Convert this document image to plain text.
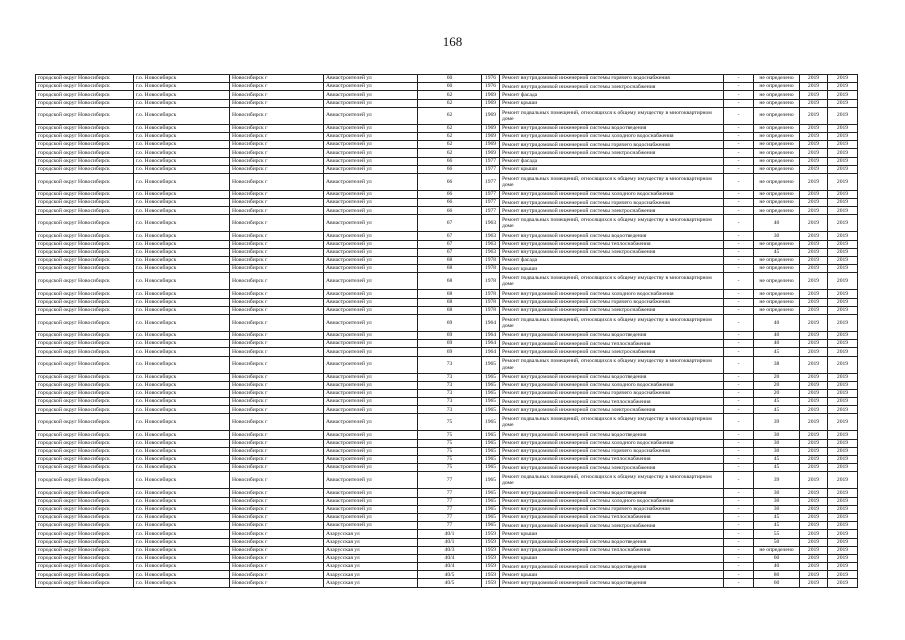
168
городской округ Новосибирск	г.о. Новосибирск	Новосибирск г	Авиастроителей ул	60	1976	Ремонт внутридомовой инженерной системы горячего водоснабжения	-	не определено	2019	2019
городской округ Новосибирск	г.о. Новосибирск	Новосибирск г	Авиастроителей ул	60	1976	Ремонт внутридомовой инженерной системы электроснабжения	-	не определено	2019	2019
городской округ Новосибирск	г.о. Новосибирск	Новосибирск г	Авиастроителей ул	62	1969	Ремонт фасада	-	не определено	2019	2019
городской округ Новосибирск	г.о. Новосибирск	Новосибирск г	Авиастроителей ул	62	1969	Ремонт крыши	-	не определено	2019	2019
городской округ Новосибирск	г.о. Новосибирск	Новосибирск г	Авиастроителей ул	62	1969	Ремонт подвальных помещений, относящихся к общему имуществу в многоквартирном доме	-	не определено	2019	2019
городской округ Новосибирск	г.о. Новосибирск	Новосибирск г	Авиастроителей ул	62	1969	Ремонт внутридомовой инженерной системы водоотведения	-	не определено	2019	2019
городской округ Новосибирск	г.о. Новосибирск	Новосибирск г	Авиастроителей ул	62	1969	Ремонт внутридомовой инженерной системы холодного водоснабжения	-	не определено	2019	2019
городской округ Новосибирск	г.о. Новосибирск	Новосибирск г	Авиастроителей ул	62	1969	Ремонт внутридомовой инженерной системы горячего водоснабжения	-	не определено	2019	2019
городской округ Новосибирск	г.о. Новосибирск	Новосибирск г	Авиастроителей ул	62	1969	Ремонт внутридомовой инженерной системы электроснабжения	-	не определено	2019	2019
городской округ Новосибирск	г.о. Новосибирск	Новосибирск г	Авиастроителей ул	66	1977	Ремонт фасада	-	не определено	2019	2019
городской округ Новосибирск	г.о. Новосибирск	Новосибирск г	Авиастроителей ул	66	1977	Ремонт крыши	-	не определено	2019	2019
городской округ Новосибирск	г.о. Новосибирск	Новосибирск г	Авиастроителей ул	66	1977	Ремонт подвальных помещений, относящихся к общему имуществу в многоквартирном доме	-	не определено	2019	2019
городской округ Новосибирск	г.о. Новосибирск	Новосибирск г	Авиастроителей ул	66	1977	Ремонт внутридомовой инженерной системы холодного водоснабжения	-	не определено	2019	2019
городской округ Новосибирск	г.о. Новосибирск	Новосибирск г	Авиастроителей ул	66	1977	Ремонт внутридомовой инженерной системы горячего водоснабжения	-	не определено	2019	2019
городской округ Новосибирск	г.о. Новосибирск	Новосибирск г	Авиастроителей ул	66	1977	Ремонт внутридомовой инженерной системы электроснабжения	-	не определено	2019	2019
городской округ Новосибирск	г.о. Новосибирск	Новосибирск г	Авиастроителей ул	67	1963	Ремонт подвальных помещений, относящихся к общему имуществу в многоквартирном доме	-	40	2019	2019
городской округ Новосибирск	г.о. Новосибирск	Новосибирск г	Авиастроителей ул	67	1963	Ремонт внутридомовой инженерной системы водоотведения	-	30	2019	2019
городской округ Новосибирск	г.о. Новосибирск	Новосибирск г	Авиастроителей ул	67	1963	Ремонт внутридомовой инженерной системы теплоснабжения	-	не определено	2019	2019
городской округ Новосибирск	г.о. Новосибирск	Новосибирск г	Авиастроителей ул	67	1963	Ремонт внутридомовой инженерной системы электроснабжения	-	45	2019	2019
городской округ Новосибирск	г.о. Новосибирск	Новосибирск г	Авиастроителей ул	68	1978	Ремонт фасада	-	не определено	2019	2019
городской округ Новосибирск	г.о. Новосибирск	Новосибирск г	Авиастроителей ул	68	1978	Ремонт крыши	-	не определено	2019	2019
городской округ Новосибирск	г.о. Новосибирск	Новосибирск г	Авиастроителей ул	68	1978	Ремонт подвальных помещений, относящихся к общему имуществу в многоквартирном доме	-	не определено	2019	2019
городской округ Новосибирск	г.о. Новосибирск	Новосибирск г	Авиастроителей ул	68	1978	Ремонт внутридомовой инженерной системы холодного водоснабжения	-	не определено	2019	2019
городской округ Новосибирск	г.о. Новосибирск	Новосибирск г	Авиастроителей ул	68	1978	Ремонт внутридомовой инженерной системы горячего водоснабжения	-	не определено	2019	2019
городской округ Новосибирск	г.о. Новосибирск	Новосибирск г	Авиастроителей ул	68	1978	Ремонт внутридомовой инженерной системы электроснабжения	-	не определено	2019	2019
городской округ Новосибирск	г.о. Новосибирск	Новосибирск г	Авиастроителей ул	69	1964	Ремонт подвальных помещений, относящихся к общему имуществу в многоквартирном доме	-	40	2019	2019
городской округ Новосибирск	г.о. Новосибирск	Новосибирск г	Авиастроителей ул	69	1964	Ремонт внутридомовой инженерной системы водоотведения	-	40	2019	2019
городской округ Новосибирск	г.о. Новосибирск	Новосибирск г	Авиастроителей ул	69	1964	Ремонт внутридомовой инженерной системы теплоснабжения	-	40	2019	2019
городской округ Новосибирск	г.о. Новосибирск	Новосибирск г	Авиастроителей ул	69	1964	Ремонт внутридомовой инженерной системы электроснабжения	-	45	2019	2019
городской округ Новосибирск	г.о. Новосибирск	Новосибирск г	Авиастроителей ул	73	1965	Ремонт подвальных помещений, относящихся к общему имуществу в многоквартирном доме	-	38	2019	2019
городской округ Новосибирск	г.о. Новосибирск	Новосибирск г	Авиастроителей ул	73	1965	Ремонт внутридомовой инженерной системы водоотведения	-	20	2019	2019
городской округ Новосибирск	г.о. Новосибирск	Новосибирск г	Авиастроителей ул	73	1965	Ремонт внутридомовой инженерной системы холодного водоснабжения	-	20	2019	2019
городской округ Новосибирск	г.о. Новосибирск	Новосибирск г	Авиастроителей ул	73	1965	Ремонт внутридомовой инженерной системы горячего водоснабжения	-	20	2019	2019
городской округ Новосибирск	г.о. Новосибирск	Новосибирск г	Авиастроителей ул	73	1965	Ремонт внутридомовой инженерной системы теплоснабжения	-	45	2019	2019
городской округ Новосибирск	г.о. Новосибирск	Новосибирск г	Авиастроителей ул	73	1965	Ремонт внутридомовой инженерной системы электроснабжения	-	45	2019	2019
городской округ Новосибирск	г.о. Новосибирск	Новосибирск г	Авиастроителей ул	75	1965	Ремонт подвальных помещений, относящихся к общему имуществу в многоквартирном доме	-	39	2019	2019
городской округ Новосибирск	г.о. Новосибирск	Новосибирск г	Авиастроителей ул	75	1965	Ремонт внутридомовой инженерной системы водоотведения	-	30	2019	2019
городской округ Новосибирск	г.о. Новосибирск	Новосибирск г	Авиастроителей ул	75	1965	Ремонт внутридомовой инженерной системы холодного водоснабжения	-	30	2019	2019
городской округ Новосибирск	г.о. Новосибирск	Новосибирск г	Авиастроителей ул	75	1965	Ремонт внутридомовой инженерной системы горячего водоснабжения	-	30	2019	2019
городской округ Новосибирск	г.о. Новосибирск	Новосибирск г	Авиастроителей ул	75	1965	Ремонт внутридомовой инженерной системы теплоснабжения	-	45	2019	2019
городской округ Новосибирск	г.о. Новосибирск	Новосибирск г	Авиастроителей ул	75	1965	Ремонт внутридомовой инженерной системы электроснабжения	-	45	2019	2019
городской округ Новосибирск	г.о. Новосибирск	Новосибирск г	Авиастроителей ул	77	1965	Ремонт подвальных помещений, относящихся к общему имуществу в многоквартирном доме	-	39	2019	2019
городской округ Новосибирск	г.о. Новосибирск	Новосибирск г	Авиастроителей ул	77	1965	Ремонт внутридомовой инженерной системы водоотведения	-	30	2019	2019
городской округ Новосибирск	г.о. Новосибирск	Новосибирск г	Авиастроителей ул	77	1965	Ремонт внутридомовой инженерной системы холодного водоснабжения	-	30	2019	2019
городской округ Новосибирск	г.о. Новосибирск	Новосибирск г	Авиастроителей ул	77	1965	Ремонт внутридомовой инженерной системы горячего водоснабжения	-	30	2019	2019
городской округ Новосибирск	г.о. Новосибирск	Новосибирск г	Авиастроителей ул	77	1965	Ремонт внутридомовой инженерной системы теплоснабжения	-	45	2019	2019
городской округ Новосибирск	г.о. Новосибирск	Новосибирск г	Авиастроителей ул	77	1965	Ремонт внутридомовой инженерной системы электроснабжения	-	45	2019	2019
городской округ Новосибирск	г.о. Новосибирск	Новосибирск г	Азарусская ул	40/1	1959	Ремонт крыши	-	55	2019	2019
городской округ Новосибирск	г.о. Новосибирск	Новосибирск г	Азарусская ул	40/1	1959	Ремонт внутридомовой инженерной системы водоотведения	-	50	2019	2019
городской округ Новосибирск	г.о. Новосибирск	Новосибирск г	Азарусская ул	40/3	1959	Ремонт внутридомовой инженерной системы теплоснабжения	-	не определено	2019	2019
городской округ Новосибирск	г.о. Новосибирск	Новосибирск г	Азарусская ул	40/4	1959	Ремонт крыши	-	60	2019	2019
городской округ Новосибирск	г.о. Новосибирск	Новосибирск г	Азарусская ул	40/4	1959	Ремонт внутридомовой инженерной системы водоотведения	-	40	2019	2019
городской округ Новосибирск	г.о. Новосибирск	Новосибирск г	Азарусская ул	40/5	1959	Ремонт крыши	-	80	2019	2019
городской округ Новосибирск	г.о. Новосибирск	Новосибирск г	Азарусская ул	40/5	1959	Ремонт внутридомовой инженерной системы водоотведения	-	60	2019	2019
